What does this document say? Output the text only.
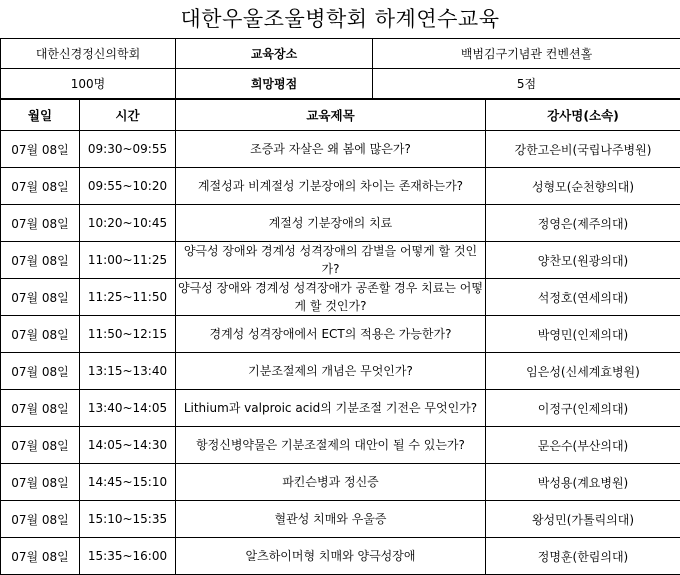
대한우울조울병학회 하계연수교육
대한신경정신의학회	교육장소	백범김구기념관 컨벤션홀
100명	희망평점	5점
월일	시간	교육제목	강사명(소속)
07월 08일	09:30~09:55	조증과 자살은 왜 봄에 많은가?	강한고은비(국립나주병원)
07월 08일	09:55~10:20	계절성과 비계절성 기분장애의 차이는 존재하는가?	성형모(순천향의대)
07월 08일	10:20~10:45	계절성 기분장애의 치료	정영은(제주의대)
07월 08일	11:00~11:25	양극성 장애와 경계성 성격장애의 감별을 어떻게 할 것인가?	양찬모(원광의대)
07월 08일	11:25~11:50	양극성 장애와 경계성 성격장애가 공존할 경우 치료는 어떻게 할 것인가?	석정호(연세의대)
07월 08일	11:50~12:15	경계성 성격장애에서 ECT의 적용은 가능한가?	박영민(인제의대)
07월 08일	13:15~13:40	기분조절제의 개념은 무엇인가?	임은성(신세계효병원)
07월 08일	13:40~14:05	Lithium과 valproic acid의 기분조절 기전은 무엇인가?	이정구(인제의대)
07월 08일	14:05~14:30	항정신병약물은 기분조절제의 대안이 될 수 있는가?	문은수(부산의대)
07월 08일	14:45~15:10	파킨슨병과 정신증	박성용(계요병원)
07월 08일	15:10~15:35	혈관성 치매와 우울증	왕성민(가톨릭의대)
07월 08일	15:35~16:00	알츠하이머형 치매와 양극성장애	정명훈(한림의대)
